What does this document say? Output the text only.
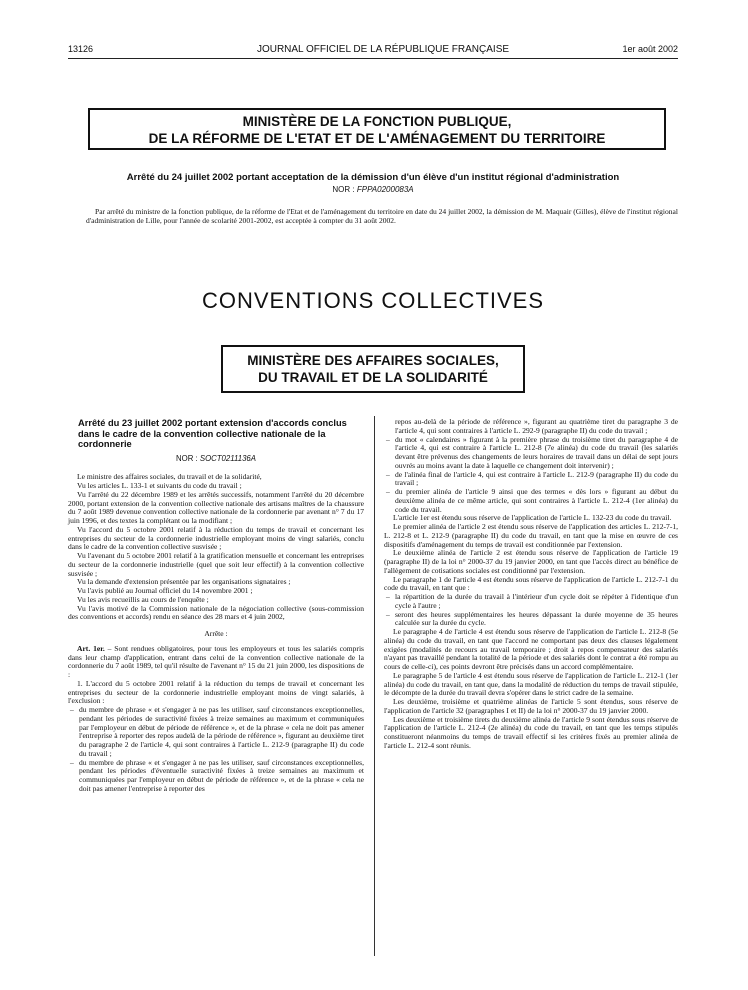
13126	JOURNAL OFFICIEL DE LA RÉPUBLIQUE FRANÇAISE	1er août 2002
MINISTÈRE DE LA FONCTION PUBLIQUE,
DE LA RÉFORME DE L'ETAT ET DE L'AMÉNAGEMENT DU TERRITOIRE
Arrêté du 24 juillet 2002 portant acceptation de la démission d'un élève d'un institut régional d'administration
NOR : FPPA0200083A

Par arrêté du ministre de la fonction publique, de la réforme de l'Etat et de l'aménagement du territoire en date du 24 juillet 2002, la démission de M. Maquair (Gilles), élève de l'institut régional d'administration de Lille, pour l'année de scolarité 2001-2002, est acceptée à compter du 31 août 2002.

CONVENTIONS COLLECTIVES
MINISTÈRE DES AFFAIRES SOCIALES,
DU TRAVAIL ET DE LA SOLIDARITÉ
Arrêté du 23 juillet 2002 portant extension d'accords conclus dans le cadre de la convention collective nationale de la cordonnerie
NOR : SOCT0211136A

Le ministre des affaires sociales, du travail et de la solidarité,

Vu les articles L. 133-1 et suivants du code du travail ;

Vu l'arrêté du 22 décembre 1989 et les arrêtés successifs, notamment l'arrêté du 20 décembre 2000, portant extension de la convention collective nationale des artisans maîtres de la chaussure du 7 août 1989 devenue convention collective nationale de la cordonnerie par avenant n° 7 du 17 juin 1996, et des textes la complétant ou la modifiant ;

Vu l'accord du 5 octobre 2001 relatif à la réduction du temps de travail et concernant les entreprises du secteur de la cordonnerie industrielle employant moins de vingt salariés, conclu dans le cadre de la convention collective susvisée ;

Vu l'avenant du 5 octobre 2001 relatif à la gratification mensuelle et concernant les entreprises du secteur de la cordonnerie industrielle (quel que soit leur effectif) à la convention collective susvisée ;

Vu la demande d'extension présentée par les organisations signataires ;

Vu l'avis publié au Journal officiel du 14 novembre 2001 ;

Vu les avis recueillis au cours de l'enquête ;

Vu l'avis motivé de la Commission nationale de la négociation collective (sous-commission des conventions et accords) rendu en séance des 28 mars et 4 juin 2002,

Arrête :

Art. 1er. – Sont rendues obligatoires, pour tous les employeurs et tous les salariés compris dans leur champ d'application, entrant dans celui de la convention collective nationale de la cordonnerie du 7 août 1989, tel qu'il résulte de l'avenant n° 15 du 21 juin 2000, les dispositions de :

1. L'accord du 5 octobre 2001 relatif à la réduction du temps de travail et concernant les entreprises du secteur de la cordonnerie industrielle employant moins de vingt salariés, à l'exclusion :

– du membre de phrase « et s'engager à ne pas les utiliser, sauf circonstances exceptionnelles, pendant les périodes de suractivité fixées à treize semaines au maximum et communiquées par l'employeur en début de période de référence », et de la phrase « cela ne doit pas amener l'entreprise à reporter des repos audelà de la période de référence », figurant au deuxième tiret du paragraphe 2 de l'article 4, qui sont contraires à l'article L. 212-9 (paragraphe II) du code du travail ;
– du membre de phrase « et s'engager à ne pas les utiliser, sauf circonstances exceptionnelles, pendant les périodes d'éventuelle suractivité fixées à treize semaines au maximum et communiquées par l'employeur en début de période de référence », et de la phrase « cela ne doit pas amener l'entreprise à reporter des

repos au-delà de la période de référence », figurant au quatrième tiret du paragraphe 3 de l'article 4, qui sont contraires à l'article L. 292-9 (paragraphe II) du code du travail ;

– du mot « calendaires » figurant à la première phrase du troisième tiret du paragraphe 4 de l'article 4, qui est contraire à l'article L. 212-8 (7e alinéa) du code du travail (les salariés devant être prévenus des changements de leurs horaires de travail dans un délai de sept jours ouvrés au moins avant la date à laquelle ce changement doit intervenir) ;
– de l'alinéa final de l'article 4, qui est contraire à l'article L. 212-9 (paragraphe II) du code du travail ;
– du premier alinéa de l'article 9 ainsi que des termes « dès lors » figurant au début du deuxième alinéa de ce même article, qui sont contraires à l'article L. 212-4 (1er alinéa) du code du travail.

L'article 1er est étendu sous réserve de l'application de l'article L. 132-23 du code du travail.

Le premier alinéa de l'article 2 est étendu sous réserve de l'application des articles L. 212-7-1, L. 212-8 et L. 212-9 (paragraphe II) du code du travail, en tant que la mise en œuvre de ces dispositifs d'aménagement du temps de travail est conditionnée par l'extension.

Le deuxième alinéa de l'article 2 est étendu sous réserve de l'application de l'article 19 (paragraphe II) de la loi n° 2000-37 du 19 janvier 2000, en tant que l'accès direct au bénéfice de l'allègement de cotisations sociales est conditionné par l'extension.

Le paragraphe 1 de l'article 4 est étendu sous réserve de l'application de l'article L. 212-7-1 du code du travail, en tant que :

– la répartition de la durée du travail à l'intérieur d'un cycle doit se répéter à l'identique d'un cycle à l'autre ;
– seront des heures supplémentaires les heures dépassant la durée moyenne de 35 heures calculée sur la durée du cycle.

Le paragraphe 4 de l'article 4 est étendu sous réserve de l'application de l'article L. 212-8 (5e alinéa) du code du travail, en tant que l'accord ne comportant pas deux des clauses légalement exigées (modalités de recours au travail temporaire ; droit à repos compensateur des salariés n'ayant pas travaillé pendant la totalité de la période et des salariés dont le contrat a été rompu au cours de celle-ci), ces points devront être précisés dans un accord complémentaire.

Le paragraphe 5 de l'article 4 est étendu sous réserve de l'application de l'article L. 212-1 (1er alinéa) du code du travail, en tant que, dans la modalité de réduction du temps de travail stipulée, le décompte de la durée du travail devra s'opérer dans le strict cadre de la semaine.

Les deuxième, troisième et quatrième alinéas de l'article 5 sont étendus, sous réserve de l'application de l'article 32 (paragraphes I et II) de la loi n° 2000-37 du 19 janvier 2000.

Les deuxième et troisième tirets du deuxième alinéa de l'article 9 sont étendus sous réserve de l'application de l'article L. 212-4 (2e alinéa) du code du travail, en tant que les temps stipulés constitueront néanmoins du temps de travail effectif si les critères fixés au premier alinéa de l'article L. 212-4 sont réunis.
